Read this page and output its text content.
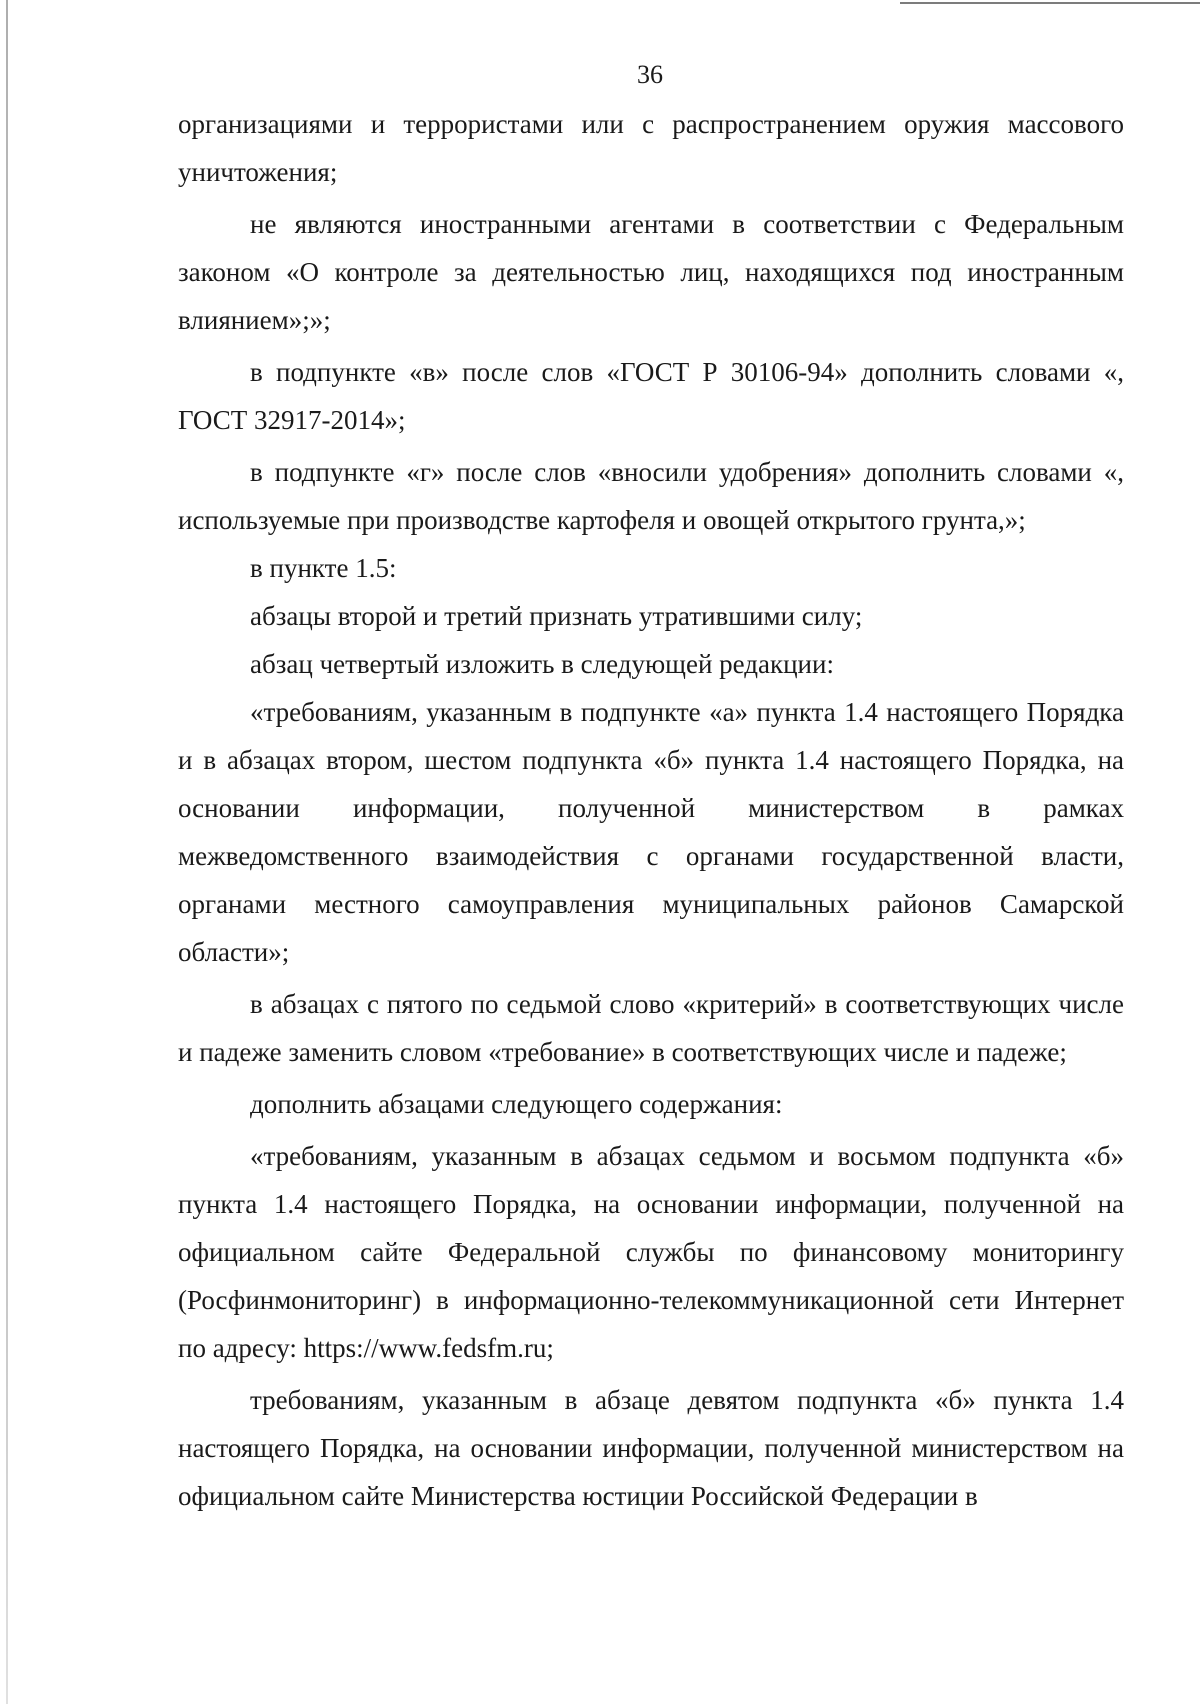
36

организациями и террористами или с распространением оружия массового уничтожения;

не являются иностранными агентами в соответствии с Федеральным законом «О контроле за деятельностью лиц, находящихся под иностранным влиянием»;»;

в подпункте «в» после слов «ГОСТ Р 30106-94» дополнить словами «, ГОСТ 32917-2014»;

в подпункте «г» после слов «вносили удобрения» дополнить словами «, используемые при производстве картофеля и овощей открытого грунта,»;

в пункте 1.5:

абзацы второй и третий признать утратившими силу;

абзац четвертый изложить в следующей редакции:

«требованиям, указанным в подпункте «а» пункта 1.4 настоящего Порядка и в абзацах втором, шестом подпункта «б» пункта 1.4 настоящего Порядка, на основании информации, полученной министерством в рамках межведомственного взаимодействия с органами государственной власти, органами местного самоуправления муниципальных районов Самарской области»;

в абзацах с пятого по седьмой слово «критерий» в соответствующих числе и падеже заменить словом «требование» в соответствующих числе и падеже;

дополнить абзацами следующего содержания:

«требованиям, указанным в абзацах седьмом и восьмом подпункта «б» пункта 1.4 настоящего Порядка, на основании информации, полученной на официальном сайте Федеральной службы по финансовому мониторингу (Росфинмониторинг) в информационно-телекоммуникационной сети Интернет по адресу: https://www.fedsfm.ru;

требованиям, указанным в абзаце девятом подпункта «б» пункта 1.4 настоящего Порядка, на основании информации, полученной министерством на официальном сайте Министерства юстиции Российской Федерации в
